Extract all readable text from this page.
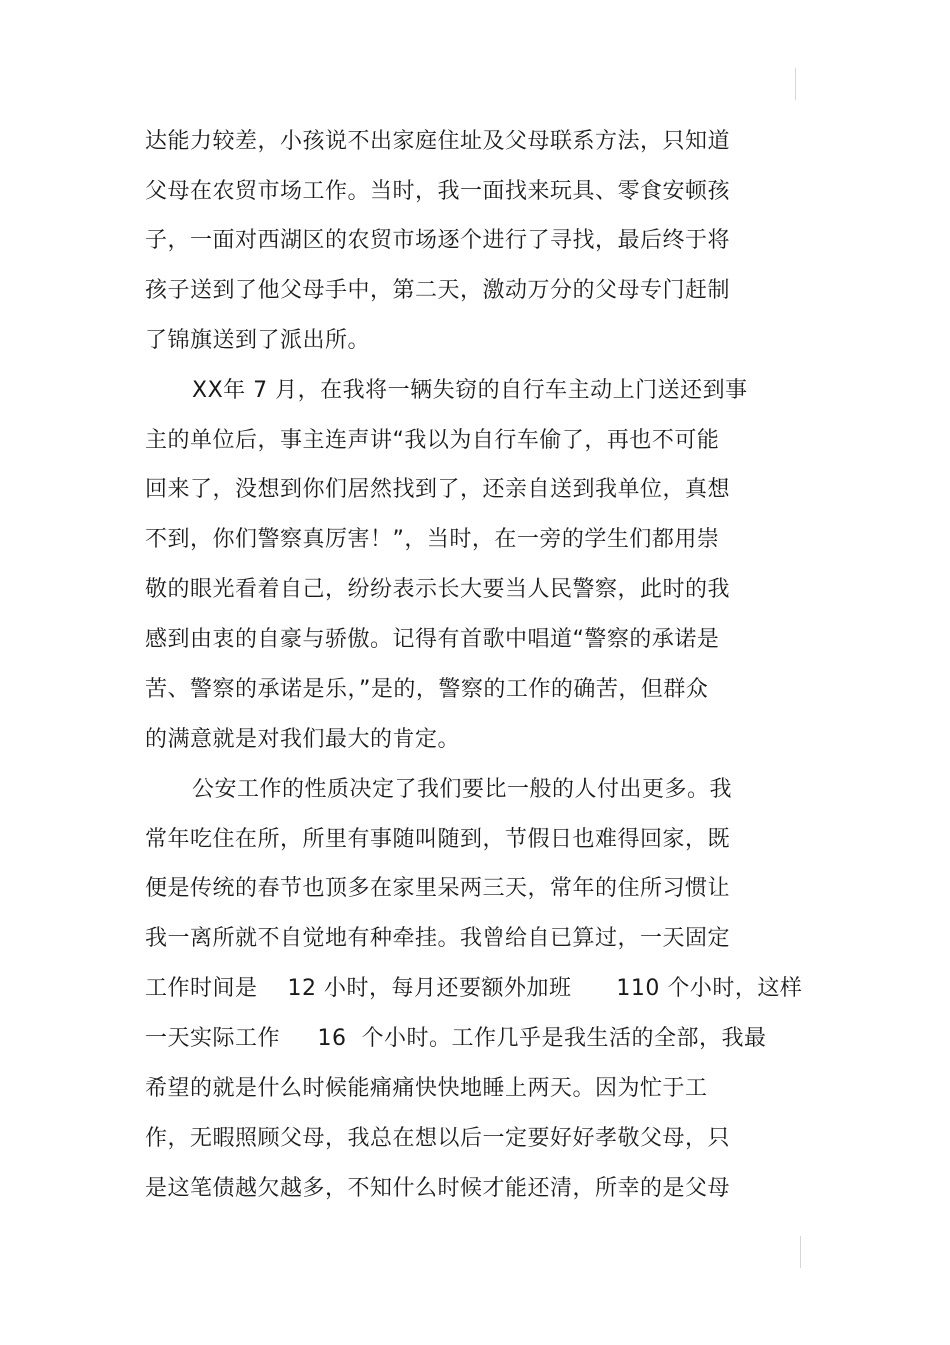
达能力较差，小孩说不出家庭住址及父母联系方法，只知道
父母在农贸市场工作。当时，我一面找来玩具、零食安顿孩
子，一面对西湖区的农贸市场逐个进行了寻找，最后终于将
孩子送到了他父母手中，第二天，激动万分的父母专门赶制
了锦旗送到了派出所。
XX年 7 月，在我将一辆失窃的自行车主动上门送还到事
主的单位后，事主连声讲“我以为自行车偷了，再也不可能
回来了，没想到你们居然找到了，还亲自送到我单位，真想
不到，你们警察真厉害！”，当时，在一旁的学生们都用崇
敬的眼光看着自己，纷纷表示长大要当人民警察，此时的我
感到由衷的自豪与骄傲。记得有首歌中唱道“警察的承诺是
苦、警察的承诺是乐，”是的，警察的工作的确苦，但群众
的满意就是对我们最大的肯定。
公安工作的性质决定了我们要比一般的人付出更多。我
常年吃住在所，所里有事随叫随到，节假日也难得回家，既
便是传统的春节也顶多在家里呆两三天，常年的住所习惯让
我一离所就不自觉地有种牵挂。我曾给自已算过，一天固定
工作时间是    12 小时，每月还要额外加班      110 个小时，这样
一天实际工作     16  个小时。工作几乎是我生活的全部，我最
希望的就是什么时候能痛痛快快地睡上两天。因为忙于工
作，无暇照顾父母，我总在想以后一定要好好孝敬父母，只
是这笔债越欠越多，不知什么时候才能还清，所幸的是父母
